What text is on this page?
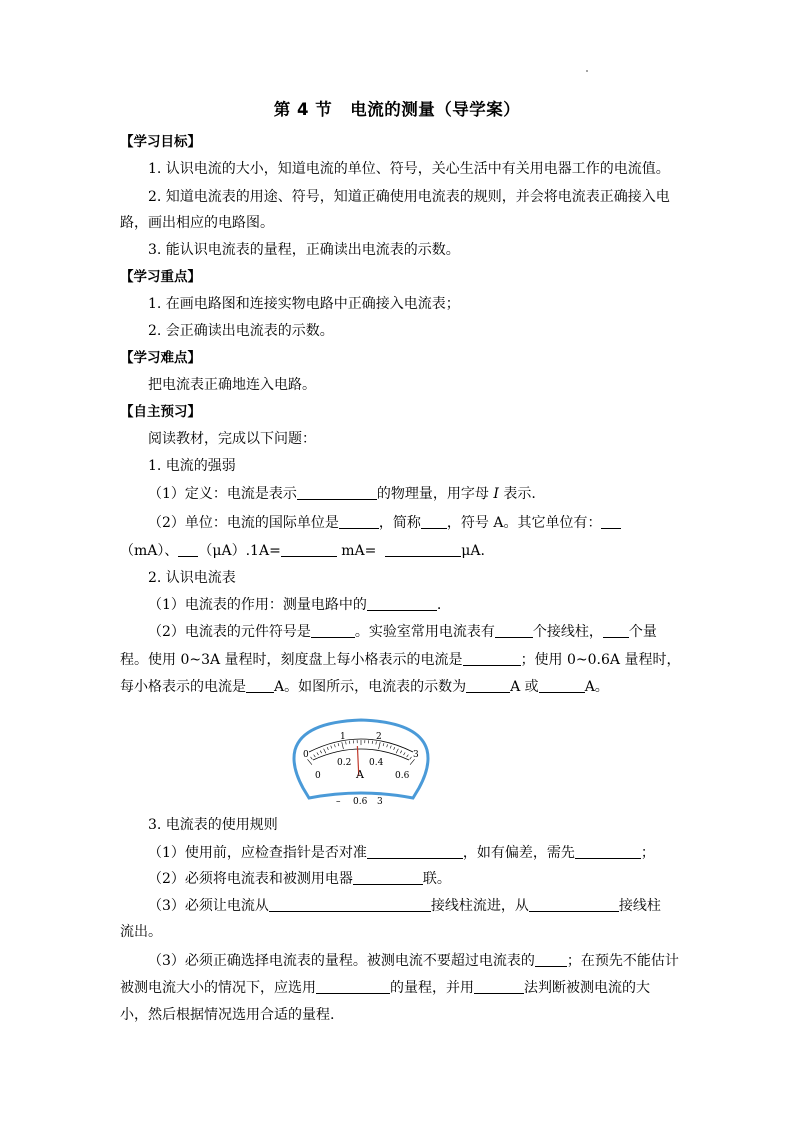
第 4 节 电流的测量（导学案）
【学习目标】
1. 认识电流的大小，知道电流的单位、符号，关心生活中有关用电器工作的电流值。
2. 知道电流表的用途、符号，知道正确使用电流表的规则，并会将电流表正确接入电
路，画出相应的电路图。
3. 能认识电流表的量程，正确读出电流表的示数。
【学习重点】
1. 在画电路图和连接实物电路中正确接入电流表；
2. 会正确读出电流表的示数。
【学习难点】
把电流表正确地连入电路。
【自主预习】
阅读教材，完成以下问题：
1. 电流的强弱
（1）定义：电流是表示	的物理量，用字母 I 表示.
（2）单位：电流的国际单位是	，简称 ，符号 A。其它单位有：
（mA）、 （μA）.1A=	mA=	μA.
2. 认识电流表
（1）电流表的作用：测量电路中的	.
（2）电流表的元件符号是	。实验室常用电流表有	个接线柱， 个量
程。使用 0~3A 量程时，刻度盘上每小格表示的电流是	；使用 0~0.6A 量程时，
每小格表示的电流是 A。如图所示，电流表的示数为	A 或	A。
0
1	2
3
0
0.2 0.4
0.6
A
– 0.6 3
3. 电流表的使用规则
（1）使用前，应检查指针是否对准	，如有偏差，需先	；
（2）必须将电流表和被测用电器	联。
（3）必须让电流从	接线柱流进，从	接线柱
流出。
（3）必须正确选择电流表的量程。被测电流不要超过电流表的 ；在预先不能估计
被测电流大小的情况下，应选用	的量程，并用	法判断被测电流的大
小，然后根据情况选用合适的量程.
